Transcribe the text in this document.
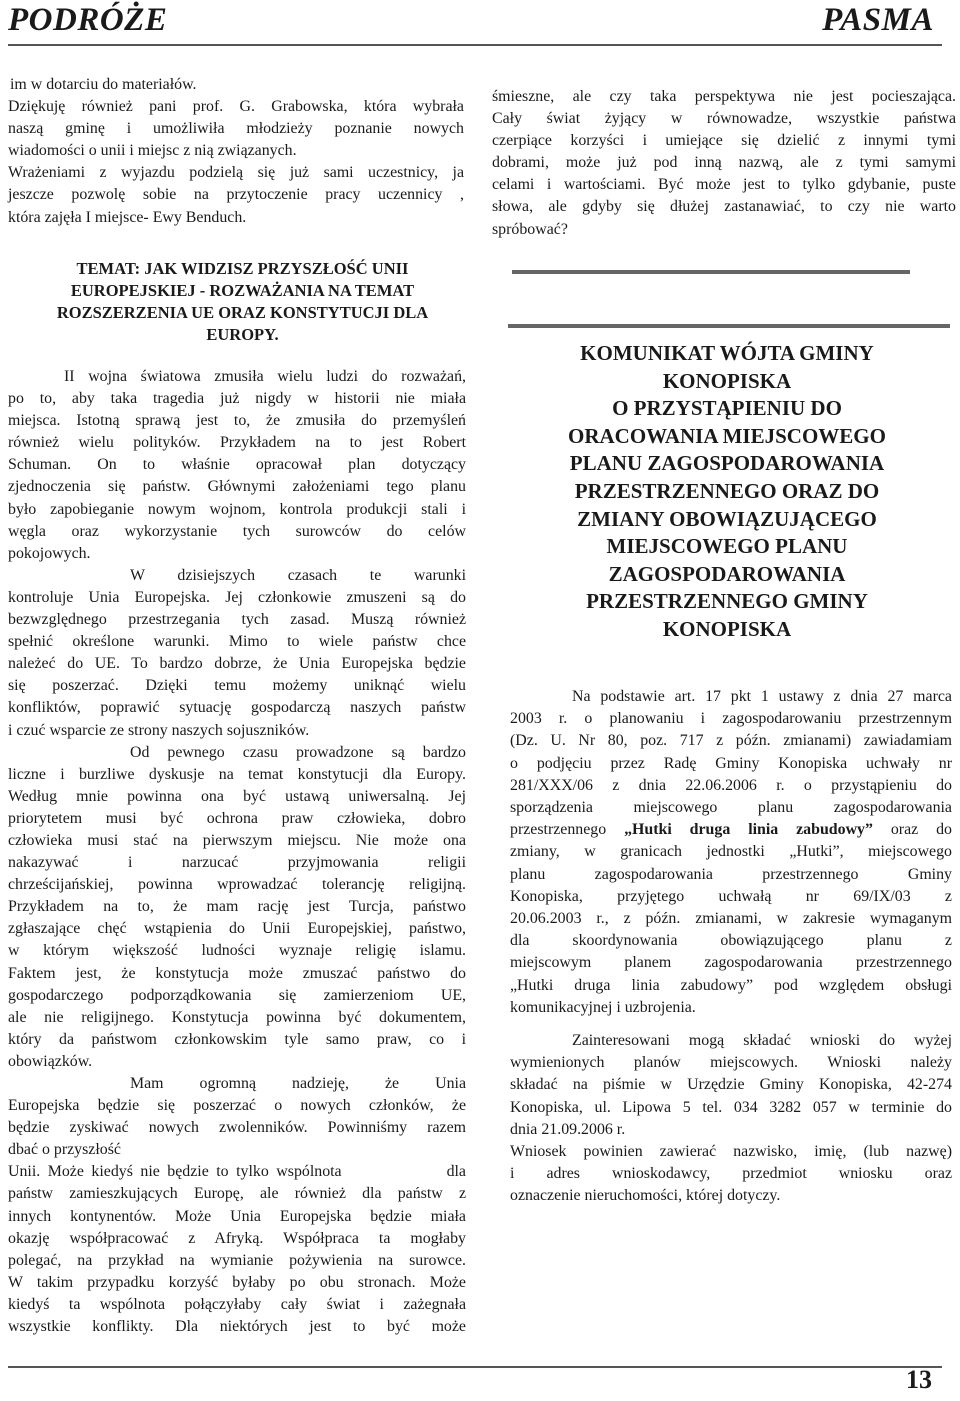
PODRÓŻE	PASMA
im w dotarciu do materiałów.
Dziękuję również pani prof. G. Grabowska, która wybrała
naszą gminę i umożliwiła młodzieży poznanie nowych
wiadomości o unii i miejsc z nią związanych.
Wrażeniami z wyjazdu podzielą się już sami uczestnicy, ja
jeszcze pozwolę sobie na przytoczenie pracy uczennicy ,
która zajęła I miejsce- Ewy Benduch.
TEMAT: JAK WIDZISZ PRZYSZŁOŚĆ UNII EUROPEJSKIEJ - ROZWAŻANIA NA TEMAT ROZSZERZENIA UE ORAZ KONSTYTUCJI DLA EUROPY.
II wojna światowa zmusiła wielu ludzi do rozważań,
po to, aby taka tragedia już nigdy w historii nie miała
miejsca. Istotną sprawą jest to, że zmusiła do przemyśleń
również wielu polityków. Przykładem na to jest Robert
Schuman. On to właśnie opracował plan dotyczący
zjednoczenia się państw. Głównymi założeniami tego planu
było zapobieganie nowym wojnom, kontrola produkcji stali i
węgla oraz wykorzystanie tych surowców do celów
pokojowych.
W dzisiejszych czasach te warunki
kontroluje Unia Europejska. Jej członkowie zmuszeni są do
bezwzględnego przestrzegania tych zasad. Muszą również
spełnić określone warunki. Mimo to wiele państw chce
należeć do UE. To bardzo dobrze, że Unia Europejska będzie
się poszerzać. Dzięki temu możemy uniknąć wielu
konfliktów, poprawić sytuację gospodarczą naszych państw
i czuć wsparcie ze strony naszych sojuszników.
Od pewnego czasu prowadzone są bardzo
liczne i burzliwe dyskusje na temat konstytucji dla Europy.
Według mnie powinna ona być ustawą uniwersalną. Jej
priorytetem musi być ochrona praw człowieka, dobro
człowieka musi stać na pierwszym miejscu. Nie może ona
nakazywać i narzucać przyjmowania religii
chrześcijańskiej, powinna wprowadzać tolerancję religijną.
Przykładem na to, że mam rację jest Turcja, państwo
zgłaszające chęć wstąpienia do Unii Europejskiej, państwo,
w którym większość ludności wyznaje religię islamu.
Faktem jest, że konstytucja może zmuszać państwo do
gospodarczego podporządkowania się zamierzeniom UE,
ale nie religijnego. Konstytucja powinna być dokumentem,
który da państwom członkowskim tyle samo praw, co i
obowiązków.
Mam ogromną nadzieję, że Unia
Europejska będzie się poszerzać o nowych członków, że
będzie zyskiwać nowych zwolenników. Powinniśmy razem
dbać o przyszłość
Unii. Może kiedyś nie będzie to tylko wspólnota              dla
państw zamieszkujących Europę, ale również dla państw z
innych kontynentów. Może Unia Europejska będzie miała
okazję współpracować z Afryką. Współpraca ta mogłaby
polegać, na przykład na wymianie pożywienia na surowce.
W takim przypadku korzyść byłaby po obu stronach. Może
kiedyś ta wspólnota połączyłaby cały świat i zażegnała
wszystkie konflikty. Dla niektórych jest to być może
śmieszne, ale czy taka perspektywa nie jest pocieszająca.
Cały świat żyjący w równowadze, wszystkie państwa
czerpiące korzyści i umiejące się dzielić z innymi tymi
dobrami, może już pod inną nazwą, ale z tymi samymi
celami i wartościami. Być może jest to tylko gdybanie, puste
słowa, ale gdyby się dłużej zastanawiać, to czy nie warto
spróbować?
KOMUNIKAT WÓJTA GMINY
KONOPISKA
O PRZYSTĄPIENIU DO
ORACOWANIA MIEJSCOWEGO
PLANU ZAGOSPODAROWANIA
PRZESTRZENNEGO ORAZ DO
ZMIANY OBOWIĄZUJĄCEGO
MIEJSCOWEGO PLANU
ZAGOSPODAROWANIA
PRZESTRZENNEGO GMINY
KONOPISKA
Na podstawie art. 17 pkt 1 ustawy z dnia 27 marca
2003 r. o planowaniu i zagospodarowaniu przestrzennym
(Dz. U. Nr 80, poz. 717 z późn. zmianami) zawiadamiam
o podjęciu przez Radę Gminy Konopiska uchwały nr
281/XXX/06 z dnia 22.06.2006 r. o przystąpieniu do
sporządzenia miejscowego planu zagospodarowania
przestrzennego „Hutki druga linia zabudowy” oraz do
zmiany, w granicach jednostki „Hutki”, miejscowego
planu zagospodarowania przestrzennego Gminy
Konopiska, przyjętego uchwałą nr 69/IX/03 z
20.06.2003 r., z późn. zmianami, w zakresie wymaganym
dla skoordynowania obowiązującego planu z
miejscowym planem zagospodarowania przestrzennego
„Hutki druga linia zabudowy” pod względem obsługi
komunikacyjnej i uzbrojenia.
Zainteresowani mogą składać wnioski do wyżej
wymienionych planów miejscowych. Wnioski należy
składać na piśmie w Urzędzie Gminy Konopiska, 42-274
Konopiska, ul. Lipowa 5 tel. 034 3282 057 w terminie do
dnia 21.09.2006 r.
Wniosek powinien zawierać nazwisko, imię, (lub nazwę)
i adres wnioskodawcy, przedmiot wniosku oraz
oznaczenie nieruchomości, której dotyczy.
13
